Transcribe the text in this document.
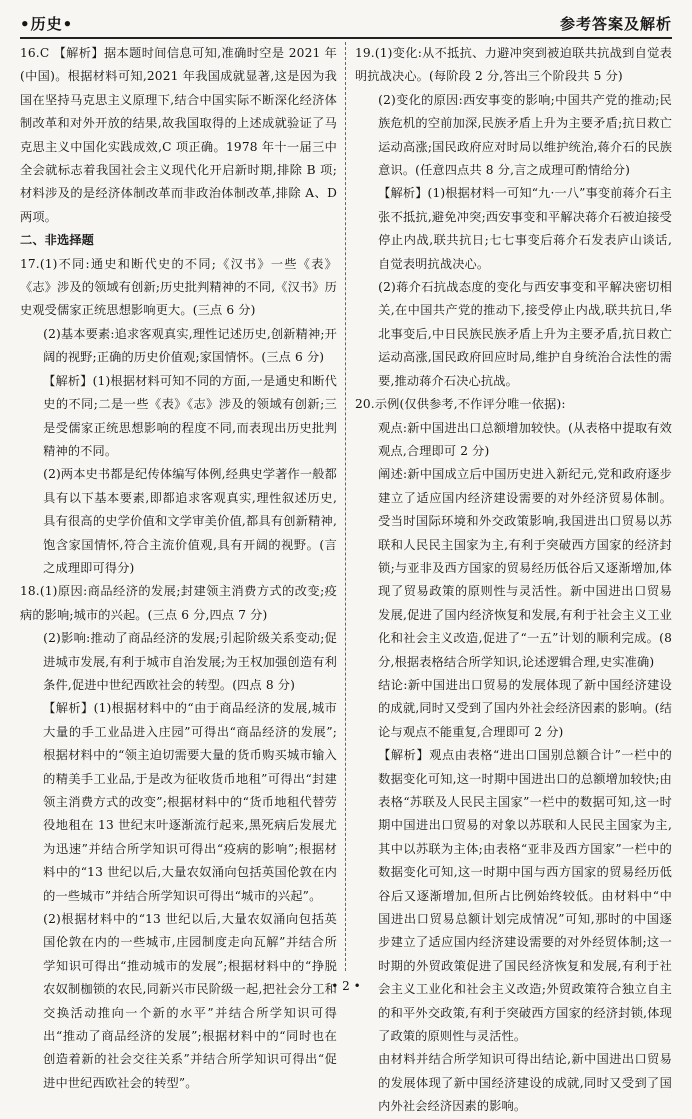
•历史•	参考答案及解析

16.C 【解析】据本题时间信息可知,准确时空是 2021 年(中国)。根据材料可知,2021 年我国成就显著,这是因为我国在坚持马克思主义原理下,结合中国实际不断深化经济体制改革和对外开放的结果,故我国取得的上述成就验证了马克思主义中国化实践成效,C 项正确。1978 年十一届三中全会就标志着我国社会主义现代化开启新时期,排除 B 项;材料涉及的是经济体制改革而非政治体制改革,排除 A、D 两项。

二、非选择题

17.(1)不同:通史和断代史的不同;《汉书》一些《表》《志》涉及的领域有创新;历史批判精神的不同,《汉书》历史观受儒家正统思想影响更大。(三点 6 分)

(2)基本要素:追求客观真实,理性记述历史,创新精神;开阔的视野;正确的历史价值观;家国情怀。(三点 6 分)

【解析】(1)根据材料可知不同的方面,一是通史和断代史的不同;二是一些《表》《志》涉及的领域有创新;三是受儒家正统思想影响的程度不同,而表现出历史批判精神的不同。

(2)两本史书都是纪传体编写体例,经典史学著作一般都具有以下基本要素,即都追求客观真实,理性叙述历史,具有很高的史学价值和文学审美价值,都具有创新精神,饱含家国情怀,符合主流价值观,具有开阔的视野。(言之成理即可得分)

18.(1)原因:商品经济的发展;封建领主消费方式的改变;疫病的影响;城市的兴起。(三点 6 分,四点 7 分)

(2)影响:推动了商品经济的发展;引起阶级关系变动;促进城市发展,有利于城市自治发展;为王权加强创造有利条件,促进中世纪西欧社会的转型。(四点 8 分)

【解析】(1)根据材料中的“由于商品经济的发展,城市大量的手工业品进入庄园”可得出“商品经济的发展”;根据材料中的“领主迫切需要大量的货币购买城市输入的精美手工业品,于是改为征收货币地租”可得出“封建领主消费方式的改变”;根据材料中的“货币地租代替劳役地租在 13 世纪末叶逐渐流行起来,黑死病后发展尤为迅速”并结合所学知识可得出“疫病的影响”;根据材料中的“13 世纪以后,大量农奴涌向包括英国伦敦在内的一些城市”并结合所学知识可得出“城市的兴起”。

(2)根据材料中的“13 世纪以后,大量农奴涌向包括英国伦敦在内的一些城市,庄园制度走向瓦解”并结合所学知识可得出“推动城市的发展”;根据材料中的“挣脱农奴制枷锁的农民,同新兴市民阶级一起,把社会分工和交换活动推向一个新的水平”并结合所学知识可得出“推动了商品经济的发展”;根据材料中的“同时也在创造着新的社会交往关系”并结合所学知识可得出“促进中世纪西欧社会的转型”。

19.(1)变化:从不抵抗、力避冲突到被迫联共抗战到自觉表明抗战决心。(每阶段 2 分,答出三个阶段共 5 分)

(2)变化的原因:西安事变的影响;中国共产党的推动;民族危机的空前加深,民族矛盾上升为主要矛盾;抗日救亡运动高涨;国民政府应对时局以维护统治,蒋介石的民族意识。(任意四点共 8 分,言之成理可酌情给分)

【解析】(1)根据材料一可知“九·一八”事变前蒋介石主张不抵抗,避免冲突;西安事变和平解决蒋介石被迫接受停止内战,联共抗日;七七事变后蒋介石发表庐山谈话,自觉表明抗战决心。

(2)蒋介石抗战态度的变化与西安事变和平解决密切相关,在中国共产党的推动下,接受停止内战,联共抗日,华北事变后,中日民族民族矛盾上升为主要矛盾,抗日救亡运动高涨,国民政府回应时局,维护自身统治合法性的需要,推动蒋介石决心抗战。

20.示例(仅供参考,不作评分唯一依据):

观点:新中国进出口总额增加较快。(从表格中提取有效观点,合理即可 2 分)

阐述:新中国成立后中国历史进入新纪元,党和政府逐步建立了适应国内经济建设需要的对外经济贸易体制。受当时国际环境和外交政策影响,我国进出口贸易以苏联和人民民主国家为主,有利于突破西方国家的经济封锁;与亚非及西方国家的贸易经历低谷后又逐渐增加,体现了贸易政策的原则性与灵活性。新中国进出口贸易发展,促进了国内经济恢复和发展,有利于社会主义工业化和社会主义改造,促进了“一五”计划的顺利完成。(8 分,根据表格结合所学知识,论述逻辑合理,史实准确)

结论:新中国进出口贸易的发展体现了新中国经济建设的成就,同时又受到了国内外社会经济因素的影响。(结论与观点不能重复,合理即可 2 分)

【解析】观点由表格“进出口国别总额合计”一栏中的数据变化可知,这一时期中国进出口的总额增加较快;由表格“苏联及人民民主国家”一栏中的数据可知,这一时期中国进出口贸易的对象以苏联和人民民主国家为主,其中以苏联为主体;由表格“亚非及西方国家”一栏中的数据变化可知,这一时期中国与西方国家的贸易经历低谷后又逐渐增加,但所占比例始终较低。由材料中“中国进出口贸易总额计划完成情况”可知,那时的中国逐步建立了适应国内经济建设需要的对外经贸体制;这一时期的外贸政策促进了国民经济恢复和发展,有利于社会主义工业化和社会主义改造;外贸政策符合独立自主的和平外交政策,有利于突破西方国家的经济封锁,体现了政策的原则性与灵活性。

由材料并结合所学知识可得出结论,新中国进出口贸易的发展体现了新中国经济建设的成就,同时又受到了国内外社会经济因素的影响。

• 2 •
